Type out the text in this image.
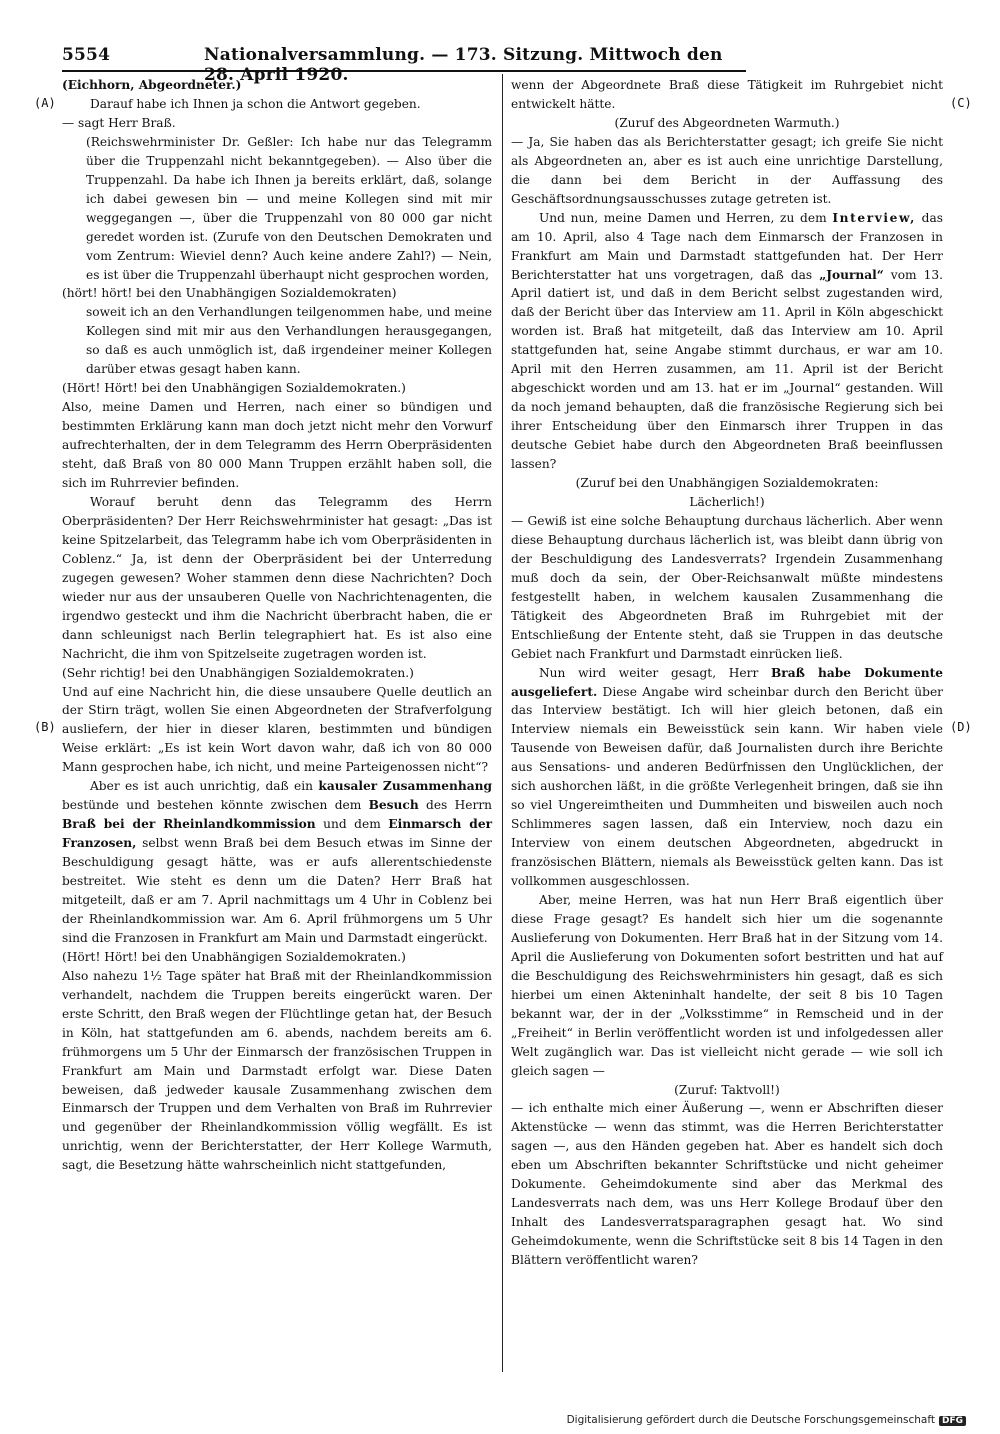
5554	Nationalversammlung. — 173. Sitzung. Mittwoch den 28. April 1920.
(A)
(B)
(C)
(D)

(Eichhorn, Abgeordneter.)

Darauf habe ich Ihnen ja schon die Antwort gegeben.

— sagt Herr Braß.

(Reichswehrminister Dr. Geßler: Ich habe nur das Telegramm über die Truppenzahl nicht bekanntgegeben). — Also über die Truppenzahl. Da habe ich Ihnen ja bereits erklärt, daß, solange ich dabei gewesen bin — und meine Kollegen sind mit mir weggegangen —, über die Truppenzahl von 80 000 gar nicht geredet worden ist. (Zurufe von den Deutschen Demokraten und vom Zentrum: Wieviel denn? Auch keine andere Zahl?) — Nein, es ist über die Truppenzahl überhaupt nicht gesprochen worden,

(hört! hört! bei den Unabhängigen Sozialdemokraten)

soweit ich an den Verhandlungen teilgenommen habe, und meine Kollegen sind mit mir aus den Verhandlungen herausgegangen, so daß es auch unmöglich ist, daß irgendeiner meiner Kollegen darüber etwas gesagt haben kann.

(Hört! Hört! bei den Unabhängigen Sozialdemokraten.)

Also, meine Damen und Herren, nach einer so bündigen und bestimmten Erklärung kann man doch jetzt nicht mehr den Vorwurf aufrechterhalten, der in dem Telegramm des Herrn Oberpräsidenten steht, daß Braß von 80 000 Mann Truppen erzählt haben soll, die sich im Ruhrrevier befinden.

Worauf beruht denn das Telegramm des Herrn Oberpräsidenten? Der Herr Reichswehrminister hat gesagt: „Das ist keine Spitzelarbeit, das Telegramm habe ich vom Oberpräsidenten in Coblenz.“ Ja, ist denn der Oberpräsident bei der Unterredung zugegen gewesen? Woher stammen denn diese Nachrichten? Doch wieder nur aus der unsauberen Quelle von Nachrichtenagenten, die irgendwo gesteckt und ihm die Nachricht überbracht haben, die er dann schleunigst nach Berlin telegraphiert hat. Es ist also eine Nachricht, die ihm von Spitzelseite zugetragen worden ist.

(Sehr richtig! bei den Unabhängigen Sozialdemokraten.)

Und auf eine Nachricht hin, die diese unsaubere Quelle deutlich an der Stirn trägt, wollen Sie einen Abgeordneten der Strafverfolgung ausliefern, der hier in dieser klaren, bestimmten und bündigen Weise erklärt: „Es ist kein Wort davon wahr, daß ich von 80 000 Mann gesprochen habe, ich nicht, und meine Parteigenossen nicht“?

Aber es ist auch unrichtig, daß ein kausaler Zusammenhang bestünde und bestehen könnte zwischen dem Besuch des Herrn Braß bei der Rheinlandkommission und dem Einmarsch der Franzosen, selbst wenn Braß bei dem Besuch etwas im Sinne der Beschuldigung gesagt hätte, was er aufs allerentschiedenste bestreitet. Wie steht es denn um die Daten? Herr Braß hat mitgeteilt, daß er am 7. April nachmittags um 4 Uhr in Coblenz bei der Rheinlandkommission war. Am 6. April frühmorgens um 5 Uhr sind die Franzosen in Frankfurt am Main und Darmstadt eingerückt.

(Hört! Hört! bei den Unabhängigen Sozialdemokraten.)

Also nahezu 1½ Tage später hat Braß mit der Rheinlandkommission verhandelt, nachdem die Truppen bereits eingerückt waren. Der erste Schritt, den Braß wegen der Flüchtlinge getan hat, der Besuch in Köln, hat stattgefunden am 6. abends, nachdem bereits am 6. frühmorgens um 5 Uhr der Einmarsch der französischen Truppen in Frankfurt am Main und Darmstadt erfolgt war. Diese Daten beweisen, daß jedweder kausale Zusammenhang zwischen dem Einmarsch der Truppen und dem Verhalten von Braß im Ruhrrevier und gegenüber der Rheinlandkommission völlig wegfällt. Es ist unrichtig, wenn der Berichterstatter, der Herr Kollege Warmuth, sagt, die Besetzung hätte wahrscheinlich nicht stattgefunden,

wenn der Abgeordnete Braß diese Tätigkeit im Ruhrgebiet nicht entwickelt hätte.

(Zuruf des Abgeordneten Warmuth.)

— Ja, Sie haben das als Berichterstatter gesagt; ich greife Sie nicht als Abgeordneten an, aber es ist auch eine unrichtige Darstellung, die dann bei dem Bericht in der Auffassung des Geschäftsordnungsausschusses zutage getreten ist.

Und nun, meine Damen und Herren, zu dem Interview, das am 10. April, also 4 Tage nach dem Einmarsch der Franzosen in Frankfurt am Main und Darmstadt stattgefunden hat. Der Herr Berichterstatter hat uns vorgetragen, daß das „Journal“ vom 13. April datiert ist, und daß in dem Bericht selbst zugestanden wird, daß der Bericht über das Interview am 11. April in Köln abgeschickt worden ist. Braß hat mitgeteilt, daß das Interview am 10. April stattgefunden hat, seine Angabe stimmt durchaus, er war am 10. April mit den Herren zusammen, am 11. April ist der Bericht abgeschickt worden und am 13. hat er im „Journal“ gestanden. Will da noch jemand behaupten, daß die französische Regierung sich bei ihrer Entscheidung über den Einmarsch ihrer Truppen in das deutsche Gebiet habe durch den Abgeordneten Braß beeinflussen lassen?

(Zuruf bei den Unabhängigen Sozialdemokraten:

Lächerlich!)

— Gewiß ist eine solche Behauptung durchaus lächerlich. Aber wenn diese Behauptung durchaus lächerlich ist, was bleibt dann übrig von der Beschuldigung des Landesverrats? Irgendein Zusammenhang muß doch da sein, der Ober-Reichsanwalt müßte mindestens festgestellt haben, in welchem kausalen Zusammenhang die Tätigkeit des Abgeordneten Braß im Ruhrgebiet mit der Entschließung der Entente steht, daß sie Truppen in das deutsche Gebiet nach Frankfurt und Darmstadt einrücken ließ.

Nun wird weiter gesagt, Herr Braß habe Dokumente ausgeliefert. Diese Angabe wird scheinbar durch den Bericht über das Interview bestätigt. Ich will hier gleich betonen, daß ein Interview niemals ein Beweisstück sein kann. Wir haben viele Tausende von Beweisen dafür, daß Journalisten durch ihre Berichte aus Sensations- und anderen Bedürfnissen den Unglücklichen, der sich aushorchen läßt, in die größte Verlegenheit bringen, daß sie ihn so viel Ungereimtheiten und Dummheiten und bisweilen auch noch Schlimmeres sagen lassen, daß ein Interview, noch dazu ein Interview von einem deutschen Abgeordneten, abgedruckt in französischen Blättern, niemals als Beweisstück gelten kann. Das ist vollkommen ausgeschlossen.

Aber, meine Herren, was hat nun Herr Braß eigentlich über diese Frage gesagt? Es handelt sich hier um die sogenannte Auslieferung von Dokumenten. Herr Braß hat in der Sitzung vom 14. April die Auslieferung von Dokumenten sofort bestritten und hat auf die Beschuldigung des Reichswehrministers hin gesagt, daß es sich hierbei um einen Akteninhalt handelte, der seit 8 bis 10 Tagen bekannt war, der in der „Volksstimme“ in Remscheid und in der „Freiheit“ in Berlin veröffentlicht worden ist und infolgedessen aller Welt zugänglich war. Das ist vielleicht nicht gerade — wie soll ich gleich sagen —

(Zuruf: Taktvoll!)

— ich enthalte mich einer Äußerung —, wenn er Abschriften dieser Aktenstücke — wenn das stimmt, was die Herren Berichterstatter sagen —, aus den Händen gegeben hat. Aber es handelt sich doch eben um Abschriften bekannter Schriftstücke und nicht geheimer Dokumente. Geheimdokumente sind aber das Merkmal des Landesverrats nach dem, was uns Herr Kollege Brodauf über den Inhalt des Landesverratsparagraphen gesagt hat. Wo sind Geheimdokumente, wenn die Schriftstücke seit 8 bis 14 Tagen in den Blättern veröffentlicht waren?

Digitalisierung gefördert durch die Deutsche Forschungsgemeinschaft DFG
